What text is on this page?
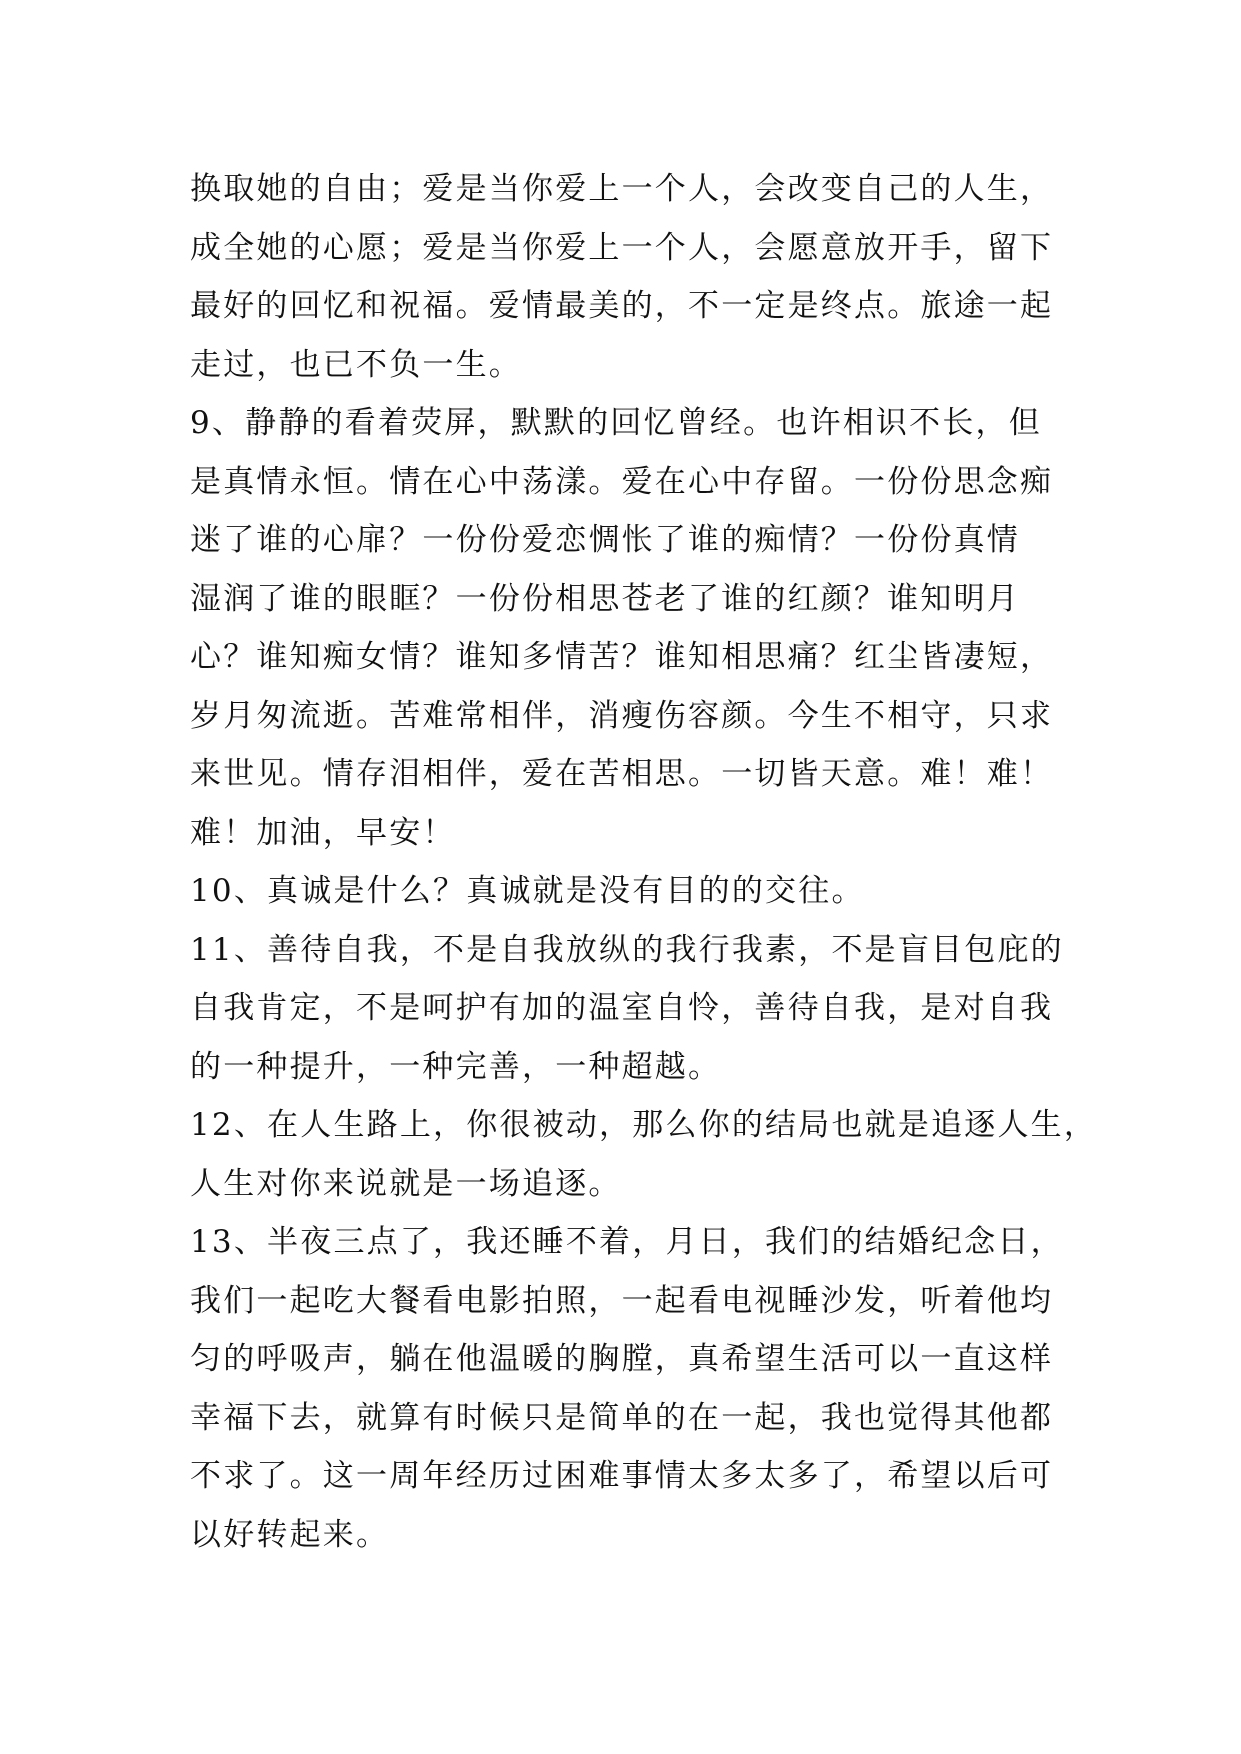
换取她的自由；爱是当你爱上一个人，会改变自己的人生，
成全她的心愿；爱是当你爱上一个人，会愿意放开手，留下
最好的回忆和祝福。爱情最美的，不一定是终点。旅途一起
走过，也已不负一生。
9、静静的看着荧屏，默默的回忆曾经。也许相识不长，但
是真情永恒。情在心中荡漾。爱在心中存留。一份份思念痴
迷了谁的心扉？一份份爱恋惆怅了谁的痴情？一份份真情
湿润了谁的眼眶？一份份相思苍老了谁的红颜？谁知明月
心？谁知痴女情？谁知多情苦？谁知相思痛？红尘皆凄短，
岁月匆流逝。苦难常相伴，消瘦伤容颜。今生不相守，只求
来世见。情存泪相伴，爱在苦相思。一切皆天意。难！难！
难！加油，早安！
10、真诚是什么？真诚就是没有目的的交往。
11、善待自我，不是自我放纵的我行我素，不是盲目包庇的
自我肯定，不是呵护有加的温室自怜，善待自我，是对自我
的一种提升，一种完善，一种超越。
12、在人生路上，你很被动，那么你的结局也就是追逐人生，
人生对你来说就是一场追逐。
13、半夜三点了，我还睡不着，月日，我们的结婚纪念日，
我们一起吃大餐看电影拍照，一起看电视睡沙发，听着他均
匀的呼吸声，躺在他温暖的胸膛，真希望生活可以一直这样
幸福下去，就算有时候只是简单的在一起，我也觉得其他都
不求了。这一周年经历过困难事情太多太多了，希望以后可
以好转起来。
